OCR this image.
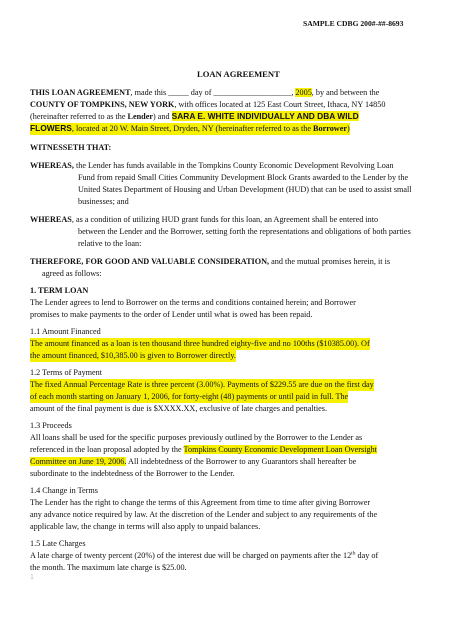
SAMPLE CDBG 200#-##-8693
LOAN AGREEMENT
THIS LOAN AGREEMENT, made this _____ day of ___________________, 2005, by and between the
COUNTY OF TOMPKINS, NEW YORK, with offices located at 125 East Court Street, Ithaca, NY 14850
(hereinafter referred to as the Lender) and SARA E. WHITE INDIVIDUALLY AND DBA WILD
FLOWERS, located at 20 W. Main Street, Dryden, NY (hereinafter referred to as the Borrower)
WITNESSETH THAT:
WHEREAS, the Lender has funds available in the Tompkins County Economic Development Revolving Loan
Fund from repaid Small Cities Community Development Block Grants awarded to the Lender by the
United States Department of Housing and Urban Development (HUD) that can be used to assist small
businesses; and
WHEREAS, as a condition of utilizing HUD grant funds for this loan, an Agreement shall be entered into
between the Lender and the Borrower, setting forth the representations and obligations of both parties
relative to the loan:
THEREFORE, FOR GOOD AND VALUABLE CONSIDERATION, and the mutual promises herein, it is
agreed as follows:
1. TERM LOAN
The Lender agrees to lend to Borrower on the terms and conditions contained herein; and Borrower
promises to make payments to the order of Lender until what is owed has been repaid.
1.1 Amount Financed
The amount financed as a loan is ten thousand three hundred eighty-five and no 100ths ($10385.00). Of
the amount financed, $10,385.00 is given to Borrower directly.
1.2 Terms of Payment
The fixed Annual Percentage Rate is three percent (3.00%). Payments of $229.55 are due on the first day
of each month starting on January 1, 2006, for forty-eight (48) payments or until paid in full. The
amount of the final payment is due is $XXXX.XX, exclusive of late charges and penalties.
1.3 Proceeds
All loans shall be used for the specific purposes previously outlined by the Borrower to the Lender as
referenced in the loan proposal adopted by the Tompkins County Economic Development Loan Oversight
Committee on June 19, 2006. All indebtedness of the Borrower to any Guarantors shall hereafter be
subordinate to the indebtedness of the Borrower to the Lender.
1.4 Change in Terms
The Lender has the right to change the terms of this Agreement from time to time after giving Borrower
any advance notice required by law. At the discretion of the Lender and subject to any requirements of the
applicable law, the change in terms will also apply to unpaid balances.
1.5 Late Charges
A late charge of twenty percent (20%) of the interest due will be charged on payments after the 12th day of
the month. The maximum late charge is $25.00.
1
